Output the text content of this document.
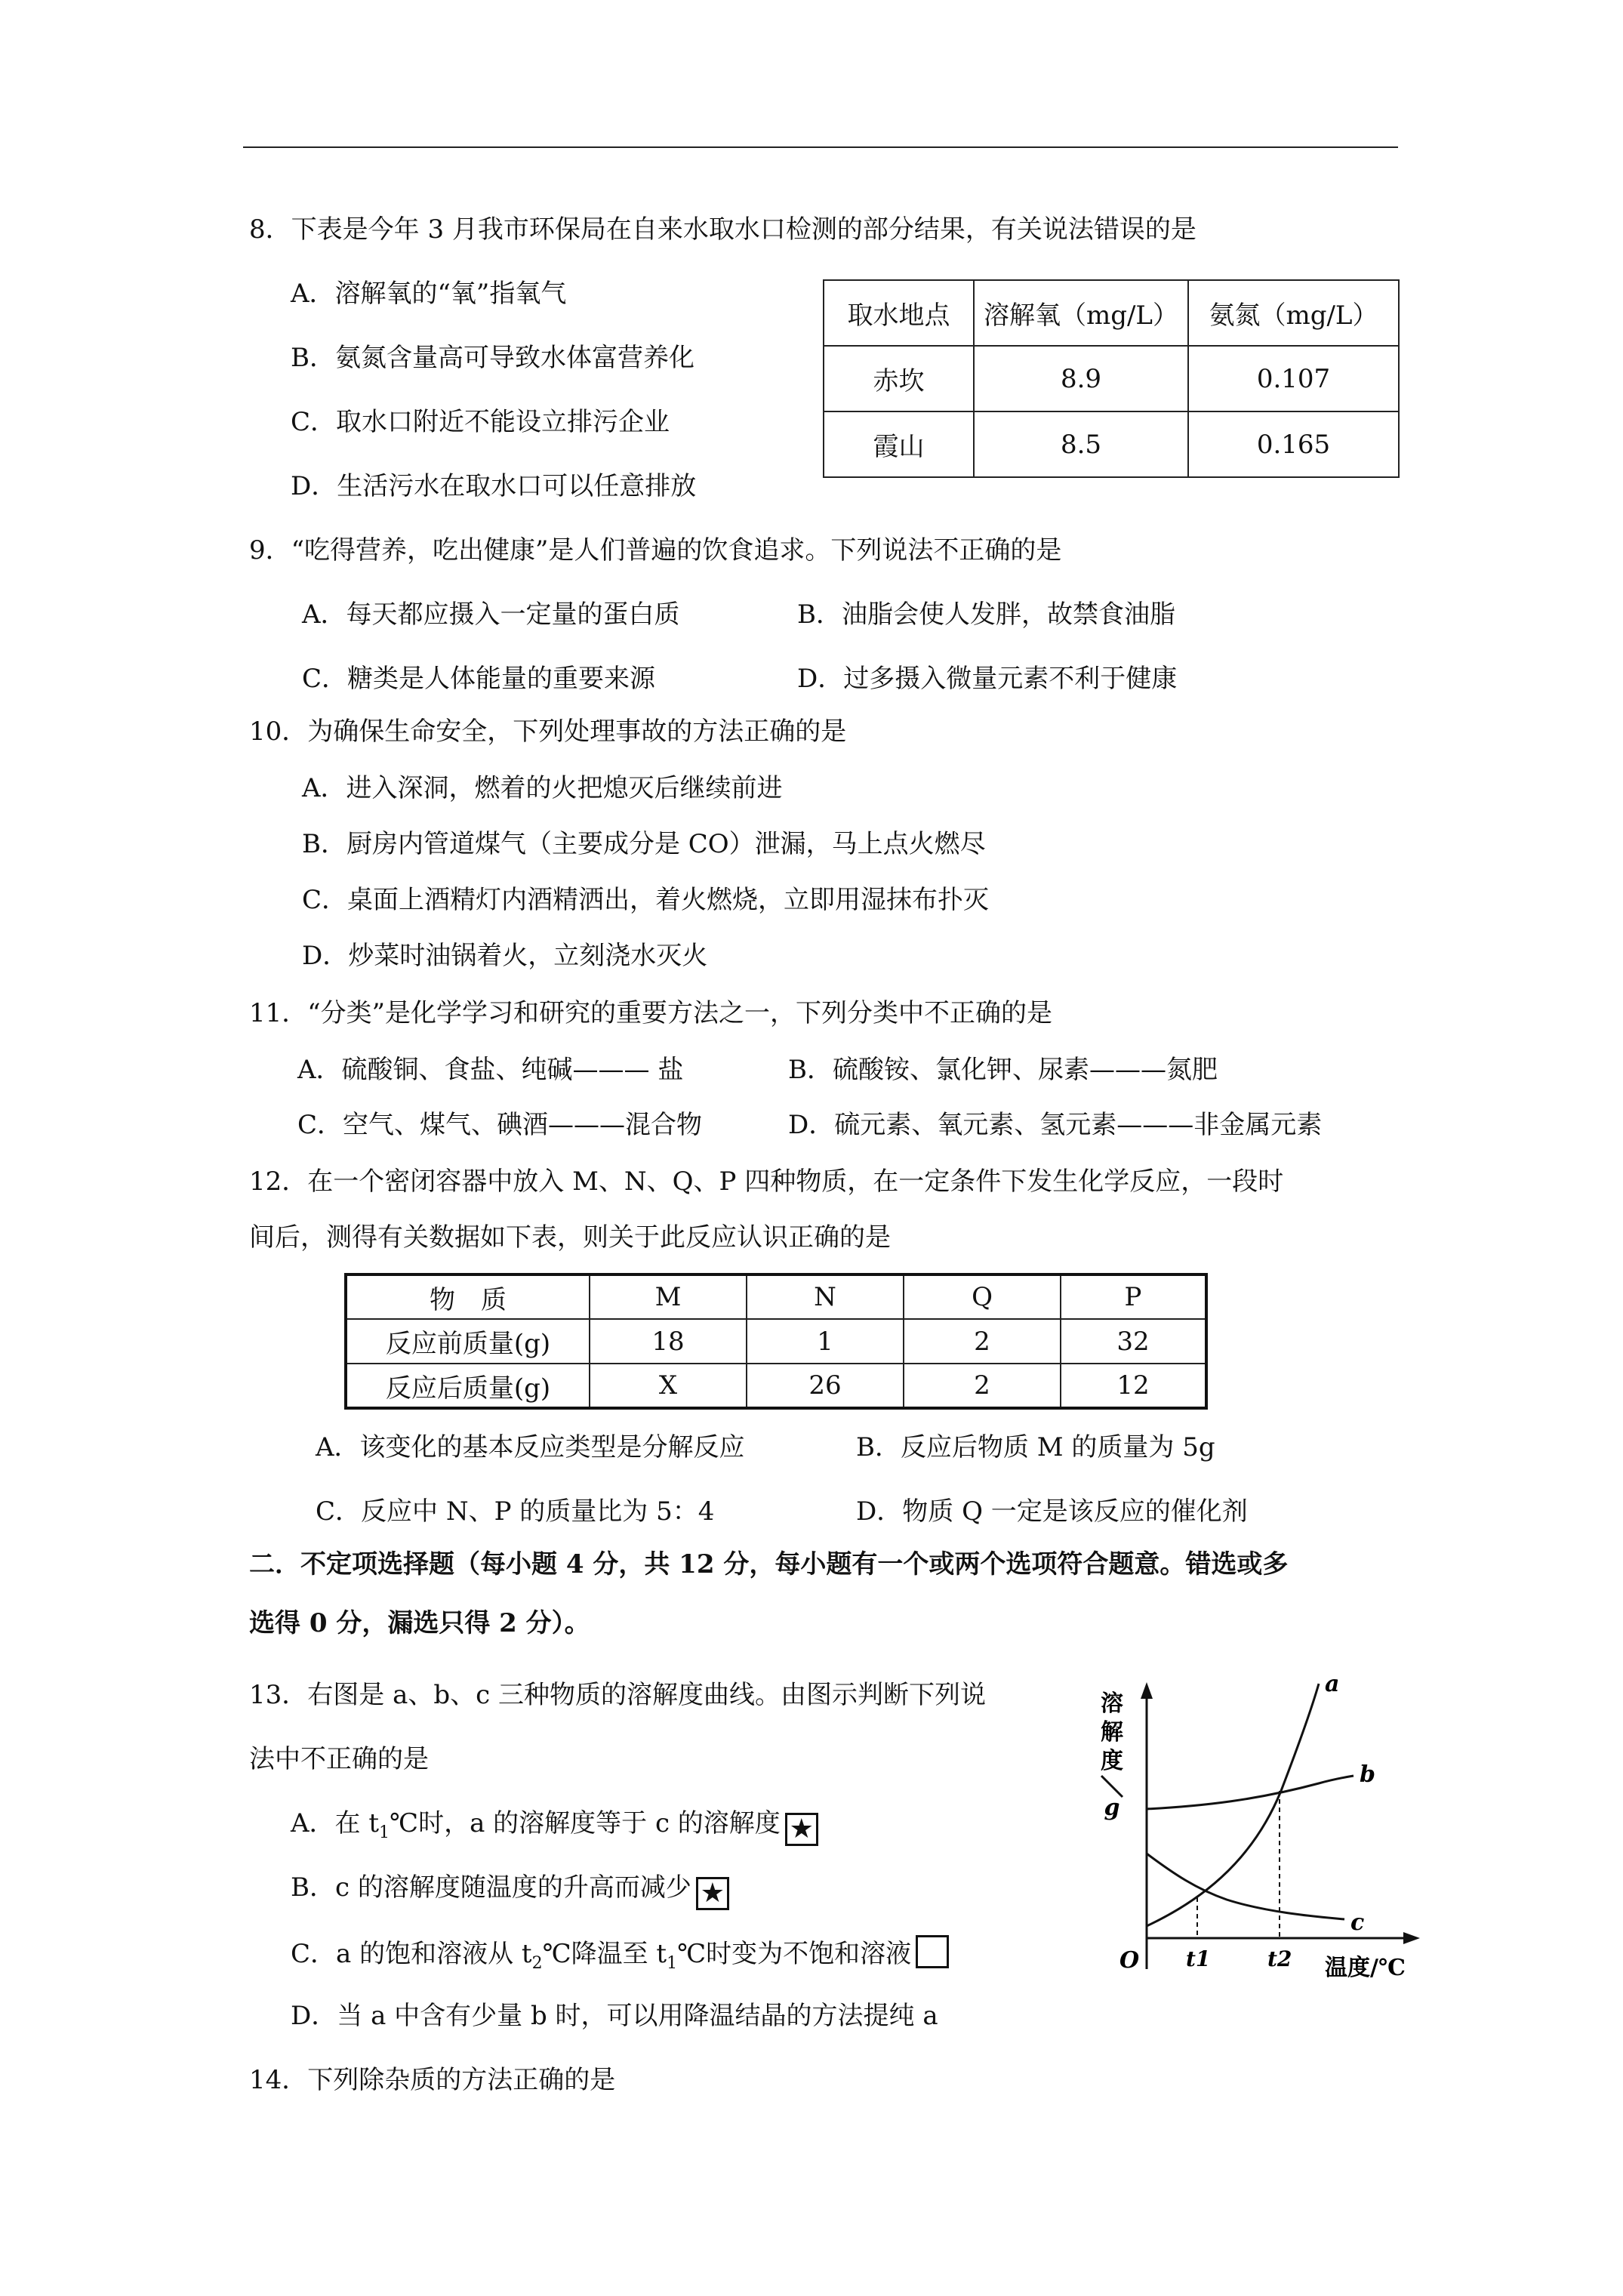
8．下表是今年 3 月我市环保局在自来水取水口检测的部分结果，有关说法错误的是
A．溶解氧的“氧”指氧气
B．氨氮含量高可导致水体富营养化
C．取水口附近不能设立排污企业
D．生活污水在取水口可以任意排放
取水地点	溶解氧（mg/L）	氨氮（mg/L）
赤坎	8.9	0.107
霞山	8.5	0.165
9．“吃得营养，吃出健康”是人们普遍的饮食追求。下列说法不正确的是
A．每天都应摄入一定量的蛋白质	B．油脂会使人发胖，故禁食油脂
C．糖类是人体能量的重要来源	D．过多摄入微量元素不利于健康
10．为确保生命安全，下列处理事故的方法正确的是
A．进入深洞，燃着的火把熄灭后继续前进
B．厨房内管道煤气（主要成分是 CO）泄漏，马上点火燃尽
C．桌面上酒精灯内酒精洒出，着火燃烧，立即用湿抹布扑灭
D．炒菜时油锅着火，立刻浇水灭火
11．“分类”是化学学习和研究的重要方法之一，下列分类中不正确的是
A．硫酸铜、食盐、纯碱——— 盐	B．硫酸铵、氯化钾、尿素———氮肥
C．空气、煤气、碘酒———混合物	D．硫元素、氧元素、氢元素———非金属元素
12．在一个密闭容器中放入 M、N、Q、P 四种物质，在一定条件下发生化学反应，一段时
间后，测得有关数据如下表，则关于此反应认识正确的是
物　质	M	N	Q	P
反应前质量(g)	18	1	2	32
反应后质量(g)	X	26	2	12
A．该变化的基本反应类型是分解反应	B．反应后物质 M 的质量为 5g
C．反应中 N、P 的质量比为 5：4	D．物质 Q 一定是该反应的催化剂
二．不定项选择题（每小题 4 分，共 12 分，每小题有一个或两个选项符合题意。错选或多
选得 0 分，漏选只得 2 分）。
13．右图是 a、b、c 三种物质的溶解度曲线。由图示判断下列说
法中不正确的是
A．在 $t_1℃$时，a 的溶解度等于 c 的溶解度 ★
B．c 的溶解度随温度的升高而减少 ★
C．a 的饱和溶液从 $t_2℃$降温至 $t_1℃$时变为不饱和溶液
D．当 a 中含有少量 b 时，可以用降温结晶的方法提纯 a
14．下列除杂质的方法正确的是
溶
解
度
g
a
b
c
O t1	t2 温度/℃
